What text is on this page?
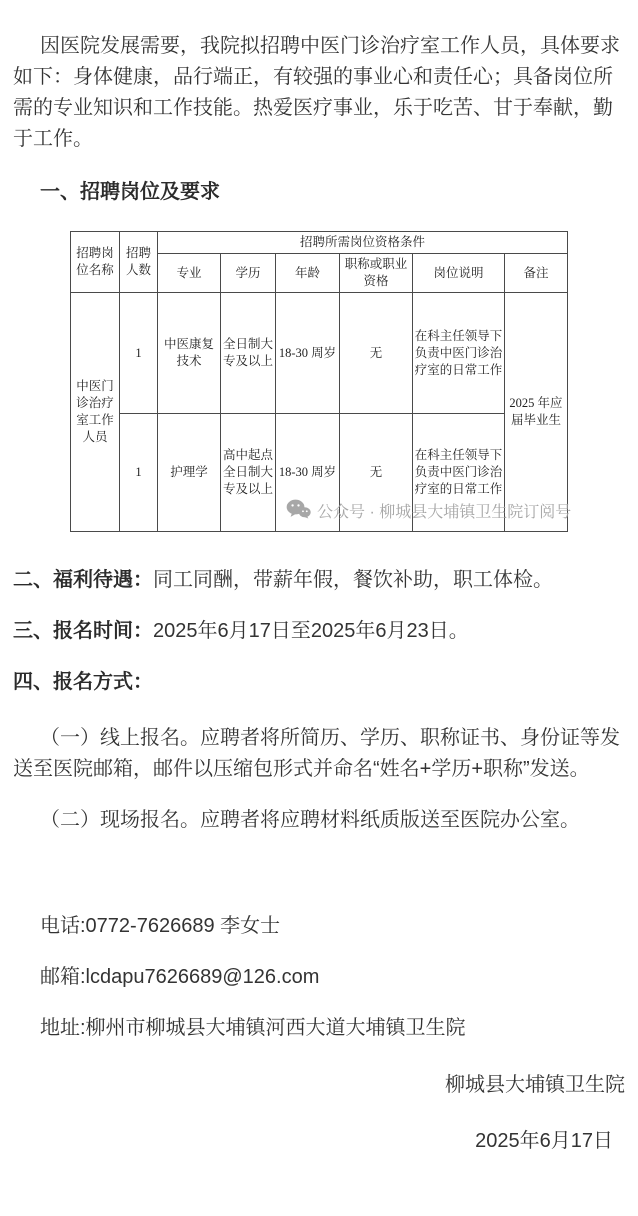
因医院发展需要，我院拟招聘中医门诊治疗室工作人员，具体要求如下：身体健康，品行端正，有较强的事业心和责任心；具备岗位所需的专业知识和工作技能。热爱医疗事业，乐于吃苦、甘于奉献，勤于工作。

一、招聘岗位及要求

招聘岗位名称	招聘人数	招聘所需岗位资格条件					
		专业	学历	年龄	职称或职业资格	岗位说明	备注
中医门诊治疗室工作人员	1	中医康复技术	全日制大专及以上	18-30 周岁	无	在科主任领导下负责中医门诊治疗室的日常工作	2025 年应届毕业生
	1	护理学	高中起点全日制大专及以上	18-30 周岁	无	在科主任领导下负责中医门诊治疗室的日常工作	
公众号 · 柳城县大埔镇卫生院订阅号

二、福利待遇：同工同酬，带薪年假，餐饮补助，职工体检。

三、报名时间：2025年6月17日至2025年6月23日。

四、报名方式：

（一）线上报名。应聘者将所简历、学历、职称证书、身份证等发送至医院邮箱，邮件以压缩包形式并命名“姓名+学历+职称”发送。

（二）现场报名。应聘者将应聘材料纸质版送至医院办公室。

电话:0772-7626689 李女士

邮箱:lcdapu7626689@126.com

地址:柳州市柳城县大埔镇河西大道大埔镇卫生院

柳城县大埔镇卫生院

2025年6月17日
